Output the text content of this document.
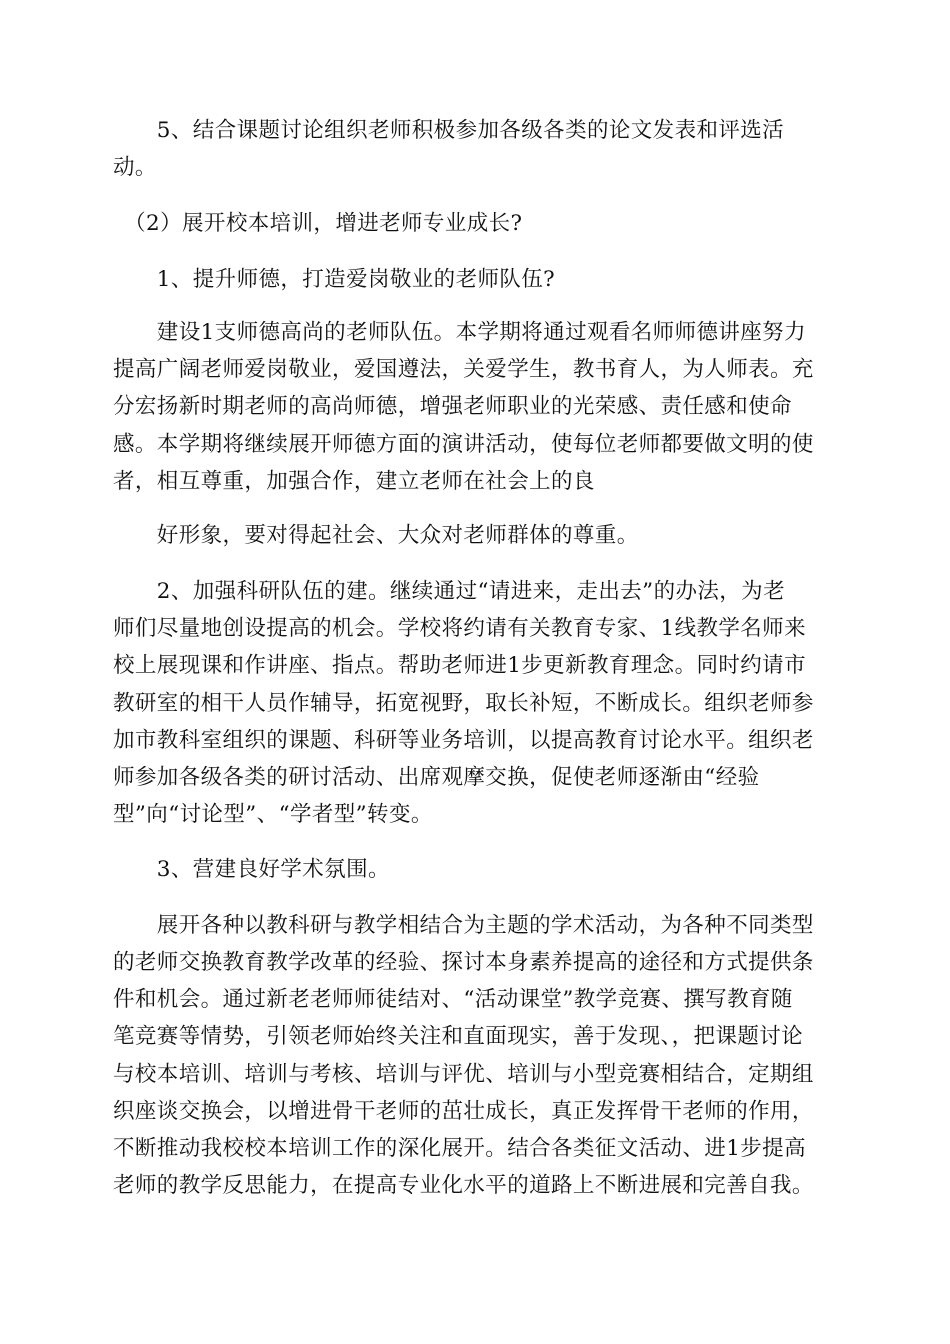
　　5、结合课题讨论组织老师积极参加各级各类的论文发表和评选活

动。

　（2）展开校本培训，增进老师专业成长?

　　1、提升师德，打造爱岗敬业的老师队伍?

　　建设1支师德高尚的老师队伍。本学期将通过观看名师师德讲座努力

提高广阔老师爱岗敬业，爱国遵法，关爱学生，教书育人，为人师表。充

分宏扬新时期老师的高尚师德，增强老师职业的光荣感、责任感和使命

感。本学期将继续展开师德方面的演讲活动，使每位老师都要做文明的使

者，相互尊重，加强合作，建立老师在社会上的良

　　好形象，要对得起社会、大众对老师群体的尊重。

　　2、加强科研队伍的建。继续通过“请进来，走出去”的办法，为老

师们尽量地创设提高的机会。学校将约请有关教育专家、1线教学名师来

校上展现课和作讲座、指点。帮助老师进1步更新教育理念。同时约请市

教研室的相干人员作辅导，拓宽视野，取长补短，不断成长。组织老师参

加市教科室组织的课题、科研等业务培训，以提高教育讨论水平。组织老

师参加各级各类的研讨活动、出席观摩交换，促使老师逐渐由“经验

型”向“讨论型”、“学者型”转变。

　　3、营建良好学术氛围。

　　展开各种以教科研与教学相结合为主题的学术活动，为各种不同类型

的老师交换教育教学改革的经验、探讨本身素养提高的途径和方式提供条

件和机会。通过新老老师师徒结对、“活动课堂”教学竞赛、撰写教育随

笔竞赛等情势，引领老师始终关注和直面现实，善于发现、，把课题讨论

与校本培训、培训与考核、培训与评优、培训与小型竞赛相结合，定期组

织座谈交换会，以增进骨干老师的茁壮成长，真正发挥骨干老师的作用，

不断推动我校校本培训工作的深化展开。结合各类征文活动、进1步提高

老师的教学反思能力，在提高专业化水平的道路上不断进展和完善自我。
